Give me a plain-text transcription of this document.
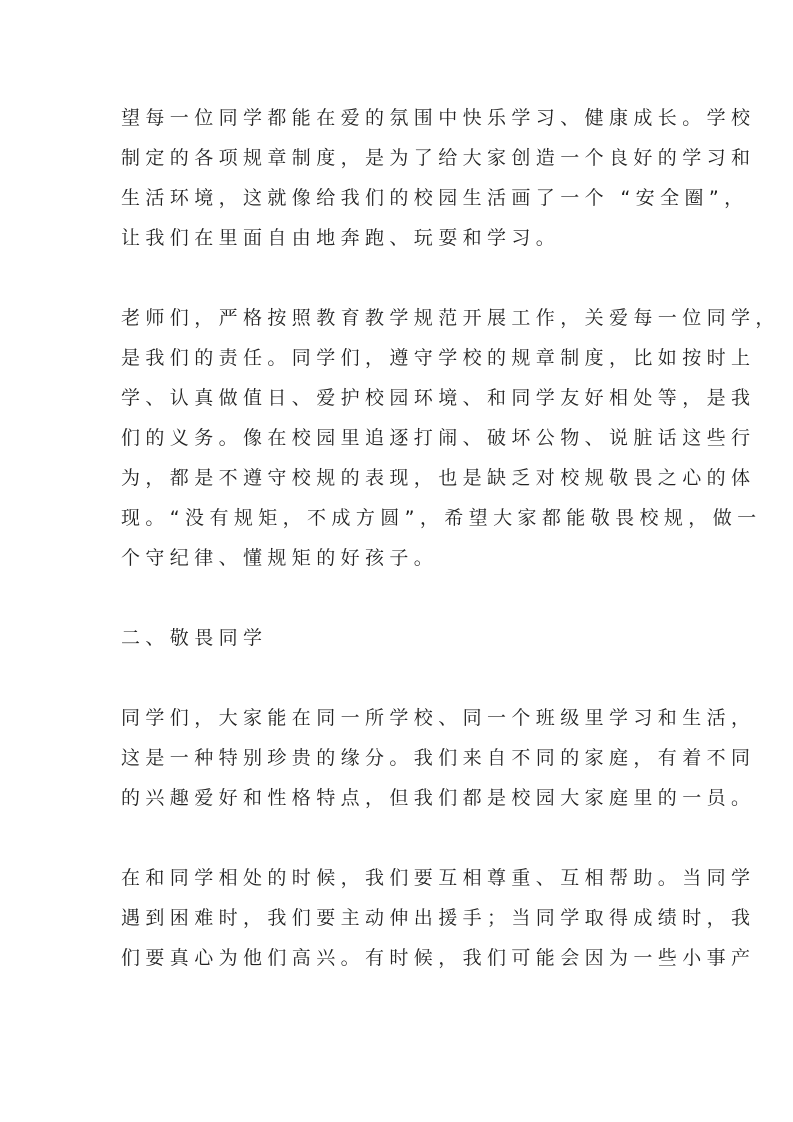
望每一位同学都能在爱的氛围中快乐学习、健康成长。学校
制定的各项规章制度，是为了给大家创造一个良好的学习和
生活环境，这就像给我们的校园生活画了一个 “安全圈”，
让我们在里面自由地奔跑、玩耍和学习。
老师们，严格按照教育教学规范开展工作，关爱每一位同学，
是我们的责任。同学们，遵守学校的规章制度，比如按时上
学、认真做值日、爱护校园环境、和同学友好相处等，是我
们的义务。像在校园里追逐打闹、破坏公物、说脏话这些行
为，都是不遵守校规的表现，也是缺乏对校规敬畏之心的体
现。“没有规矩，不成方圆”，希望大家都能敬畏校规，做一
个守纪律、懂规矩的好孩子。
二、敬畏同学
同学们，大家能在同一所学校、同一个班级里学习和生活，
这是一种特别珍贵的缘分。我们来自不同的家庭，有着不同
的兴趣爱好和性格特点，但我们都是校园大家庭里的一员。
在和同学相处的时候，我们要互相尊重、互相帮助。当同学
遇到困难时，我们要主动伸出援手；当同学取得成绩时，我
们要真心为他们高兴。有时候，我们可能会因为一些小事产
